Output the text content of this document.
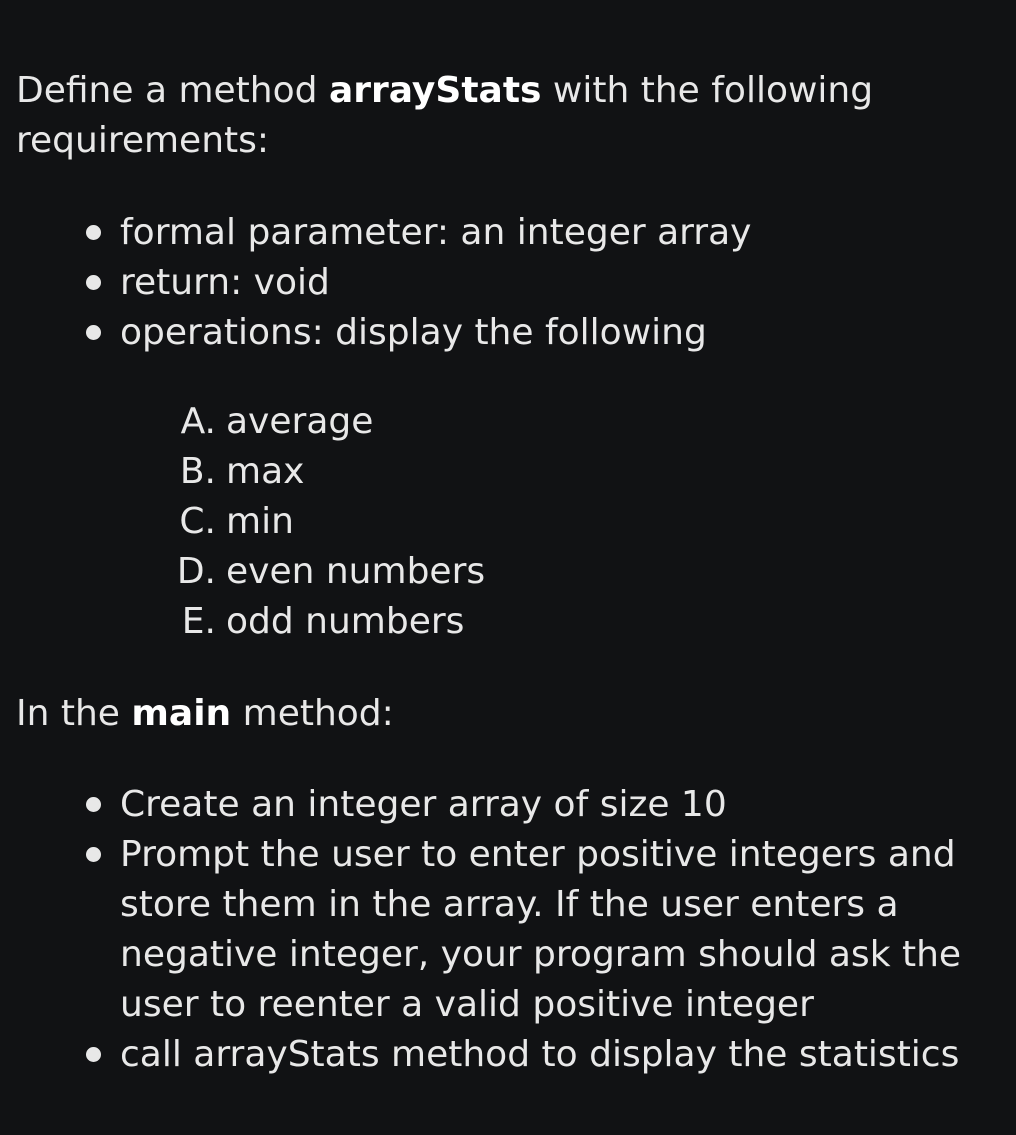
Define a method arrayStats with the following requirements:

formal parameter: an integer array
return: void
operations: display the following
A. average
B. max
C. min
D. even numbers
E. odd numbers

In the main method:

Create an integer array of size 10
Prompt the user to enter positive integers and store them in the array. If the user enters a negative integer, your program should ask the user to reenter a valid positive integer
call arrayStats method to display the statistics
